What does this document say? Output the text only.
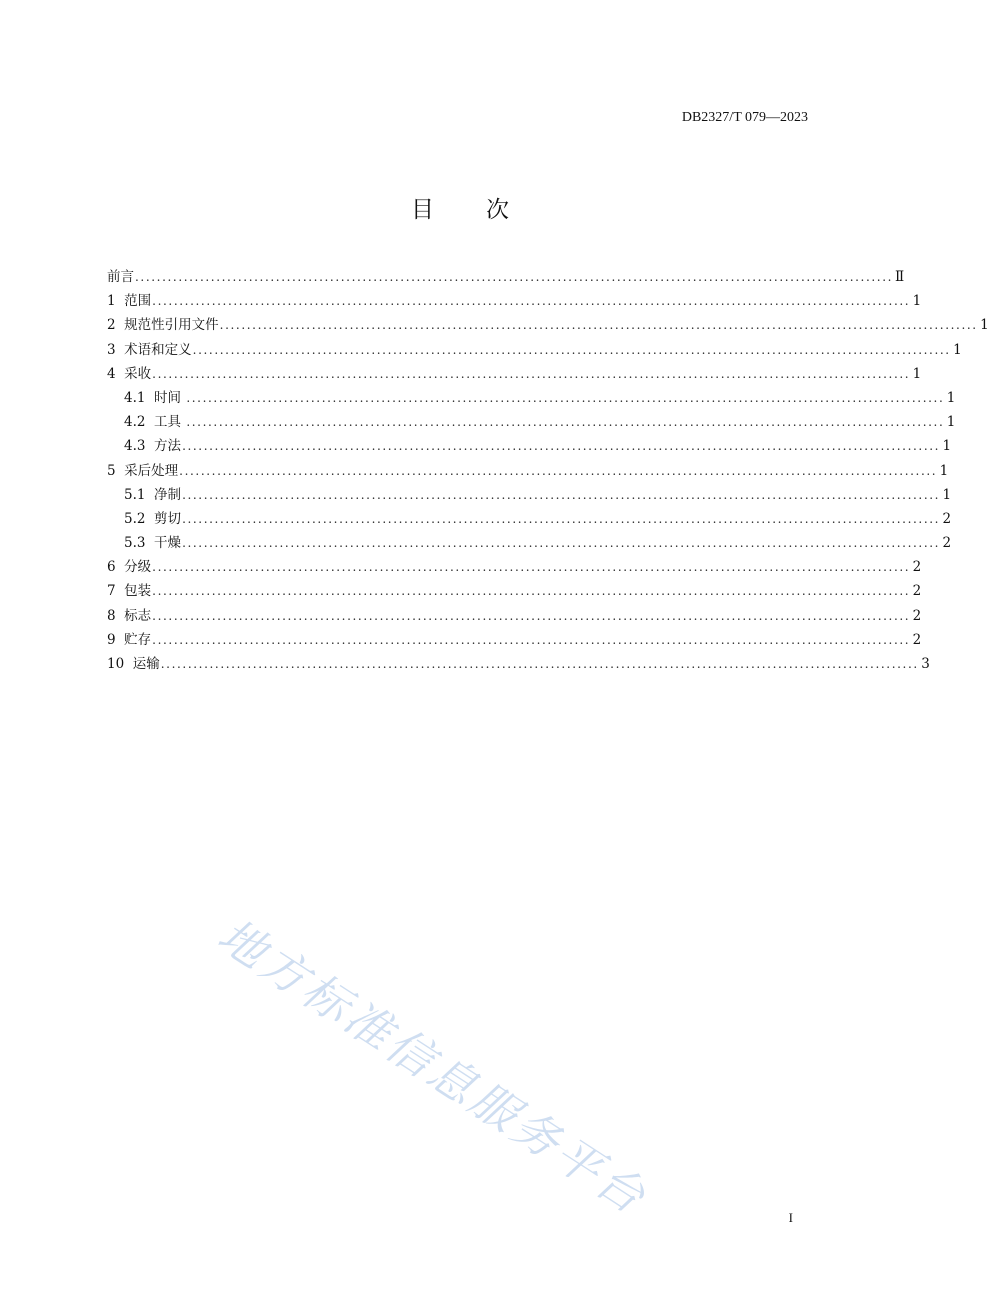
DB2327/T 079—2023
目 次
前言 ............................................................................................................................................ Ⅱ
1  范围 ............................................................................................................................................ 1
2  规范性引用文件 ............................................................................................................................................ 1
3  术语和定义 ............................................................................................................................................ 1
4  采收 ............................................................................................................................................ 1
4.1  时间 ............................................................................................................................................ 1
4.2  工具 ............................................................................................................................................ 1
4.3  方法 ............................................................................................................................................ 1
5  采后处理 ............................................................................................................................................ 1
5.1  净制 ............................................................................................................................................ 1
5.2  剪切 ............................................................................................................................................ 2
5.3  干燥 ............................................................................................................................................ 2
6  分级 ............................................................................................................................................ 2
7  包装 ............................................................................................................................................ 2
8  标志 ............................................................................................................................................ 2
9  贮存 ............................................................................................................................................ 2
10  运输 ............................................................................................................................................ 3
地方标准信息服务平台	I
